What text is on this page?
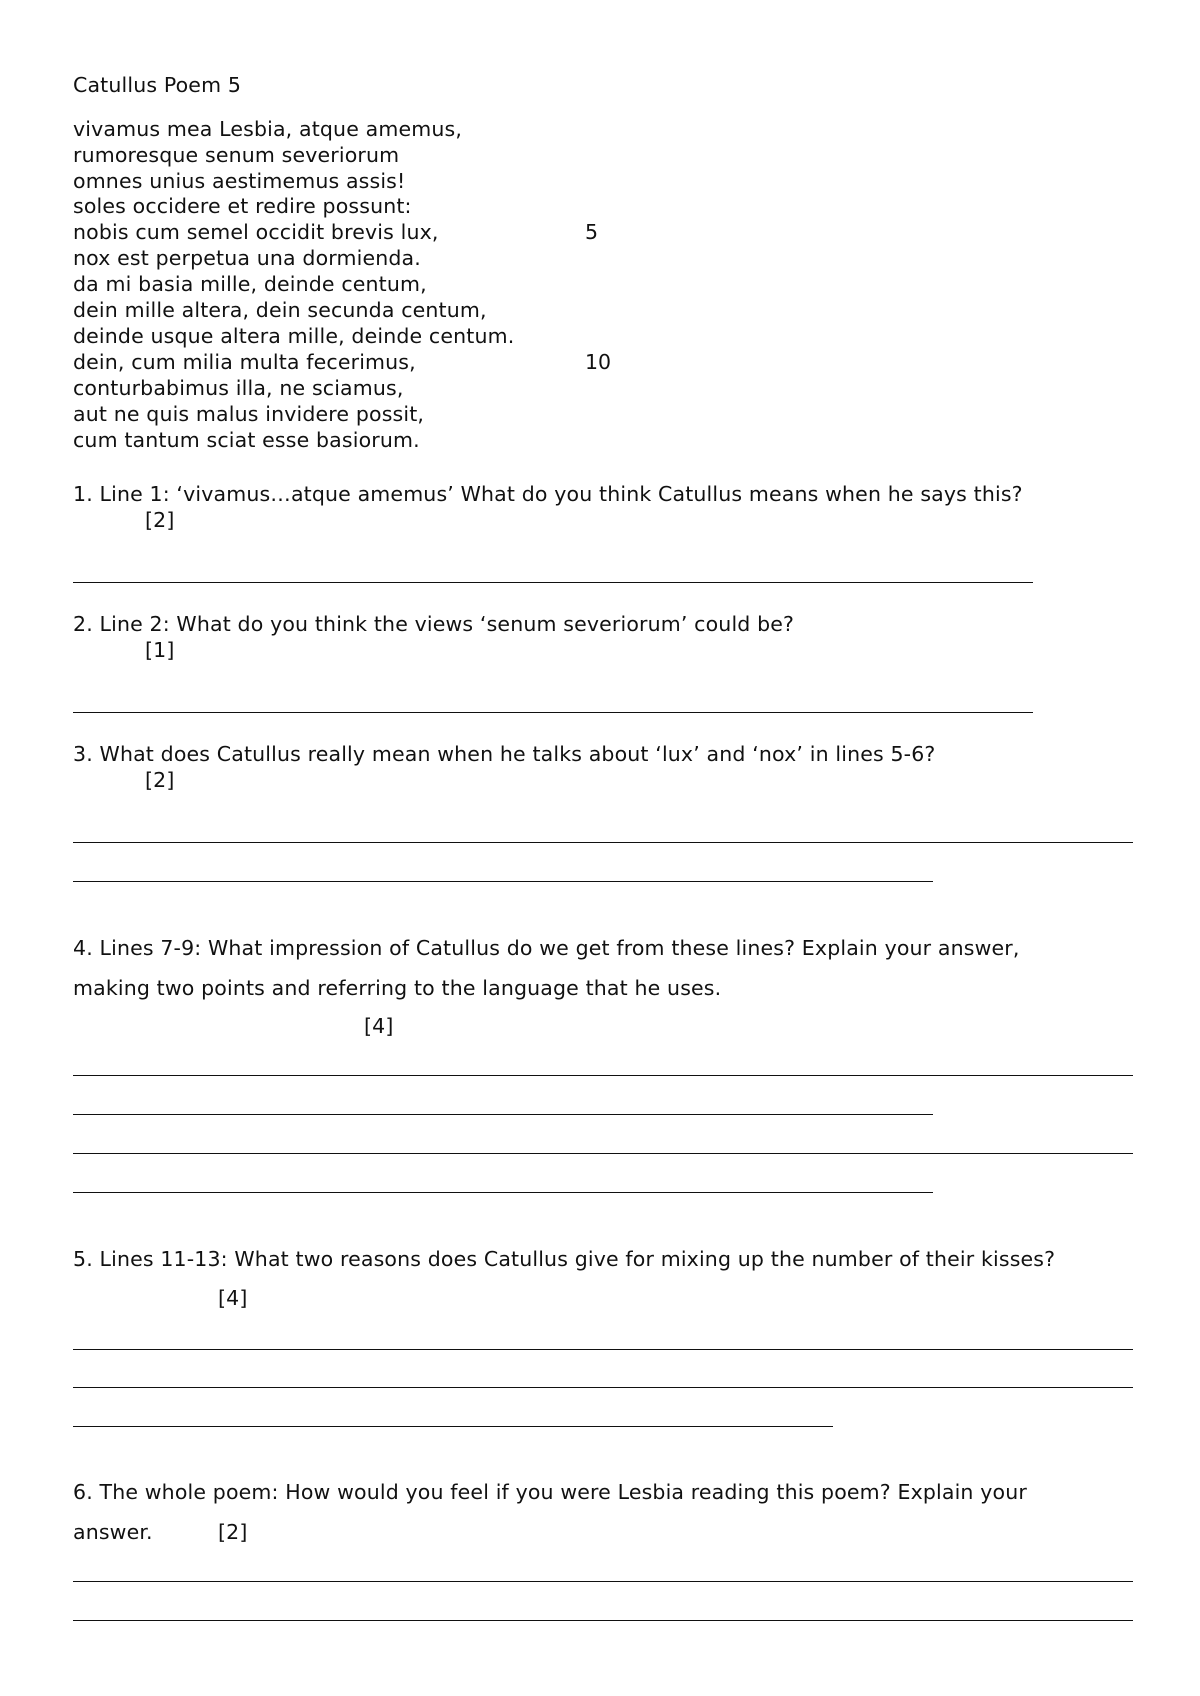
Catullus Poem 5
vivamus mea Lesbia, atque amemus,
rumoresque senum severiorum
omnes unius aestimemus assis!
soles occidere et redire possunt:
nobis cum semel occidit brevis lux,	5
nox est perpetua una dormienda.
da mi basia mille, deinde centum,
dein mille altera, dein secunda centum,
deinde usque altera mille, deinde centum.
dein, cum milia multa fecerimus,	10
conturbabimus illa, ne sciamus,
aut ne quis malus invidere possit,
cum tantum sciat esse basiorum.
1. Line 1: ‘vivamus…atque amemus’ What do you think Catullus means when he says this?
[2]
2. Line 2: What do you think the views ‘senum severiorum’ could be?
[1]
3. What does Catullus really mean when he talks about ‘lux’ and ‘nox’ in lines 5-6?
[2]
4. Lines 7-9: What impression of Catullus do we get from these lines? Explain your answer,
making two points and referring to the language that he uses.
[4]
5. Lines 11-13: What two reasons does Catullus give for mixing up the number of their kisses?
[4]
6. The whole poem: How would you feel if you were Lesbia reading this poem? Explain your
answer.	[2]
